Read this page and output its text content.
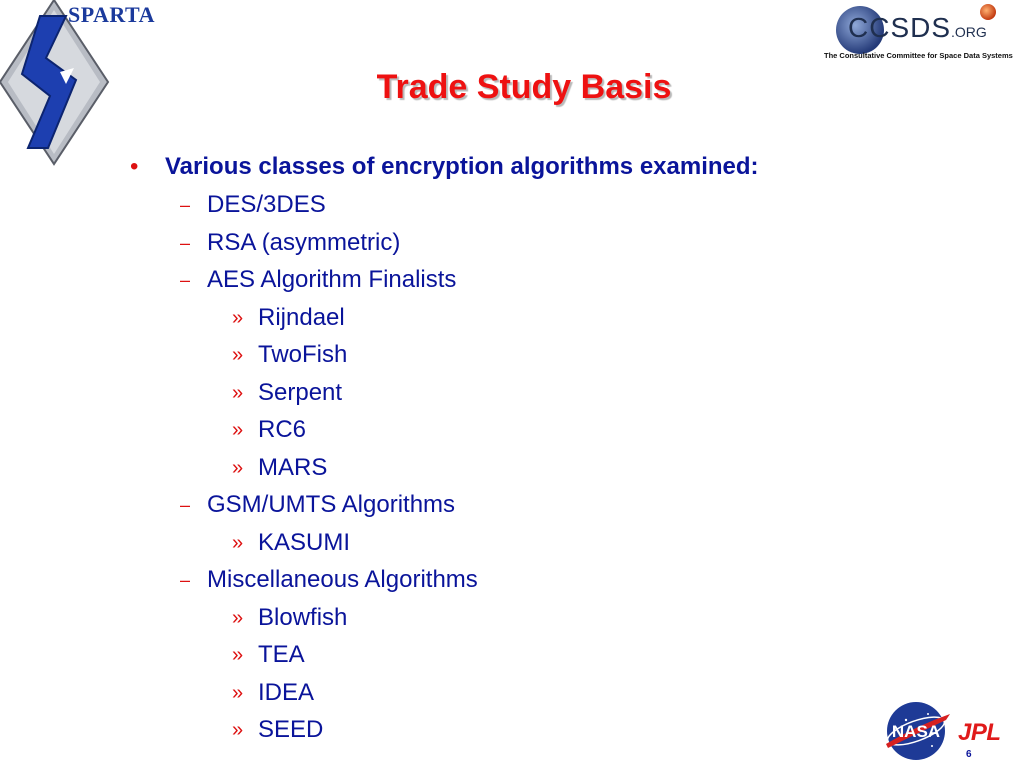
SPARTA	CCSDS.ORG
The Consultative Committee for Space Data Systems
Trade Study Basis
• Various classes of encryption algorithms examined:
– DES/3DES
– RSA (asymmetric)
– AES Algorithm Finalists
» Rijndael
» TwoFish
» Serpent
» RC6
» MARS
– GSM/UMTS Algorithms
» KASUMI
– Miscellaneous Algorithms
» Blowfish
» TEA
» IDEA
» SEED	NASA JPL
6
